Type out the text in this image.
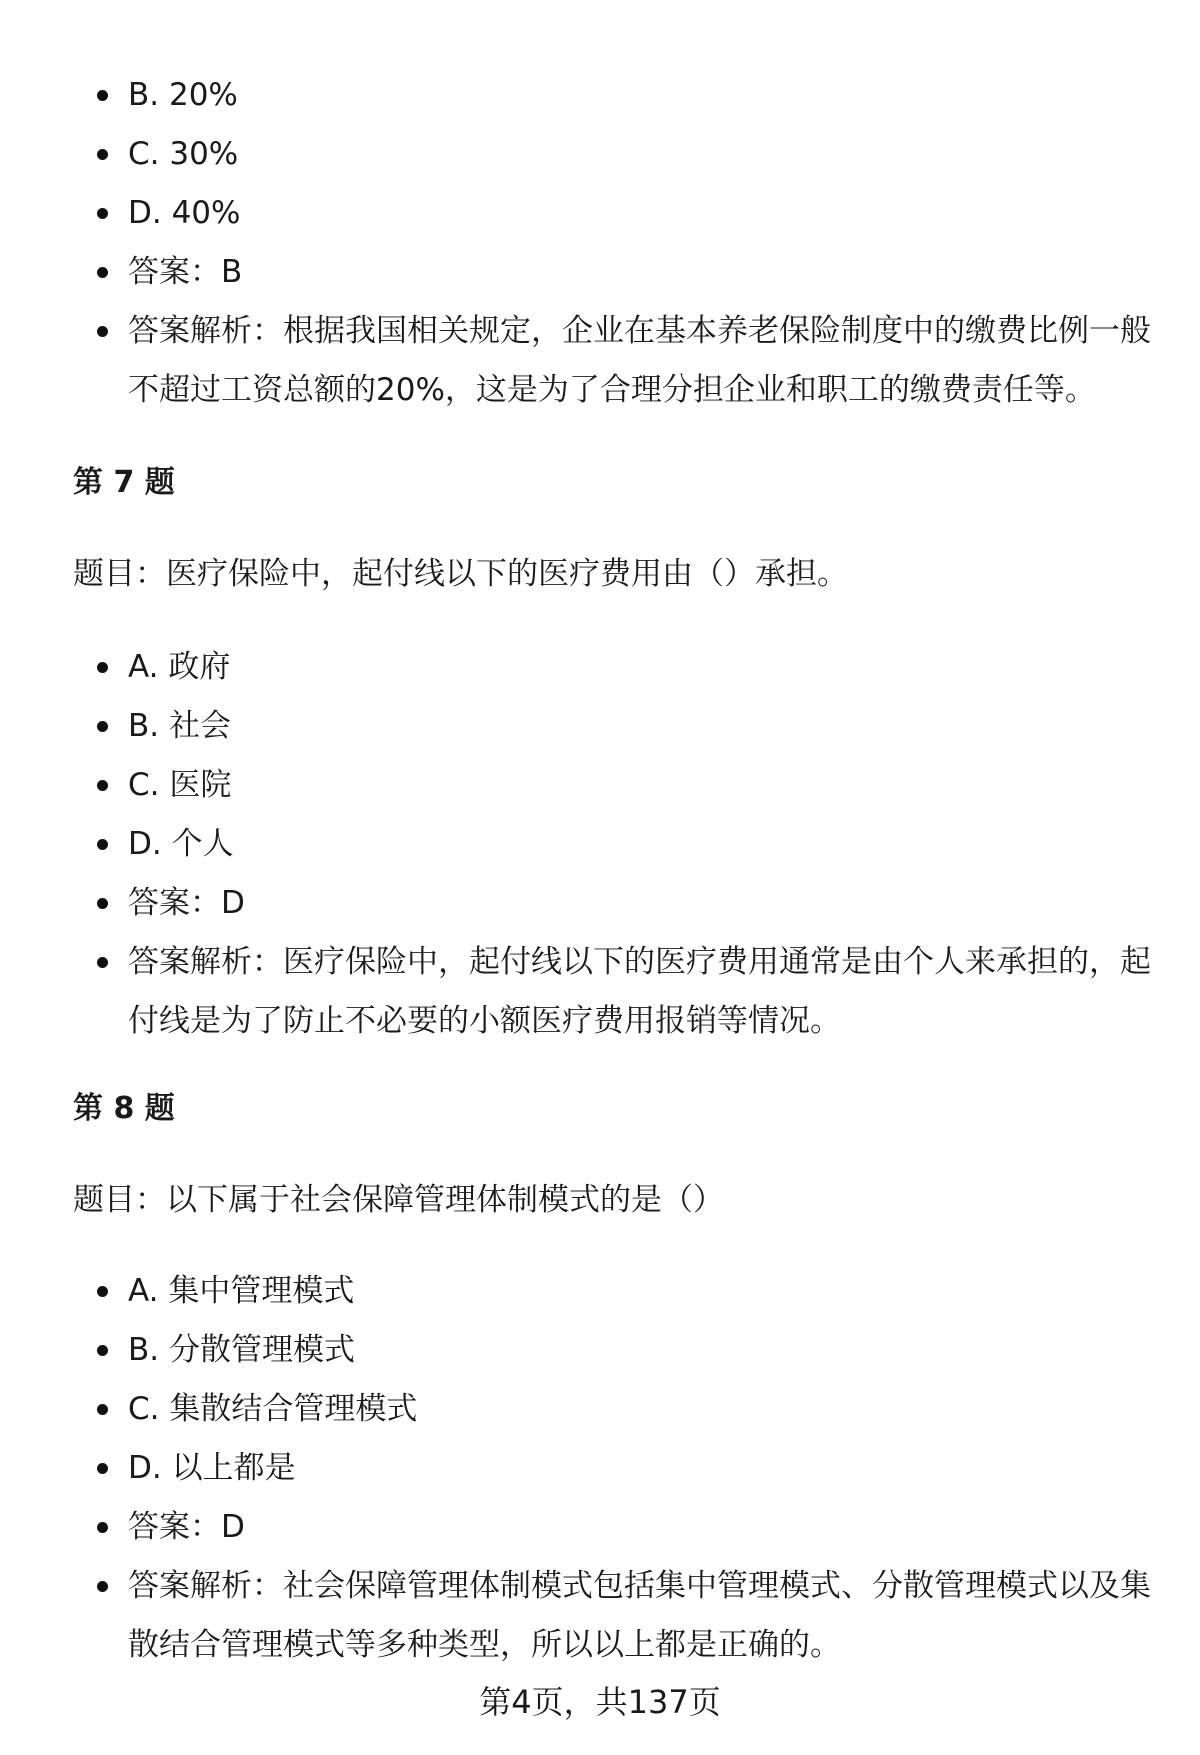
B. 20%
C. 30%
D. 40%
答案：B
答案解析：根据我国相关规定，企业在基本养老保险制度中的缴费比例一般不超过工资总额的20%，这是为了合理分担企业和职工的缴费责任等。
第 7 题

题目：医疗保险中，起付线以下的医疗费用由（）承担。

A. 政府
B. 社会
C. 医院
D. 个人
答案：D
答案解析：医疗保险中，起付线以下的医疗费用通常是由个人来承担的，起付线是为了防止不必要的小额医疗费用报销等情况。
第 8 题

题目：以下属于社会保障管理体制模式的是（）

A. 集中管理模式
B. 分散管理模式
C. 集散结合管理模式
D. 以上都是
答案：D
答案解析：社会保障管理体制模式包括集中管理模式、分散管理模式以及集散结合管理模式等多种类型，所以以上都是正确的。
第4页，共137页
